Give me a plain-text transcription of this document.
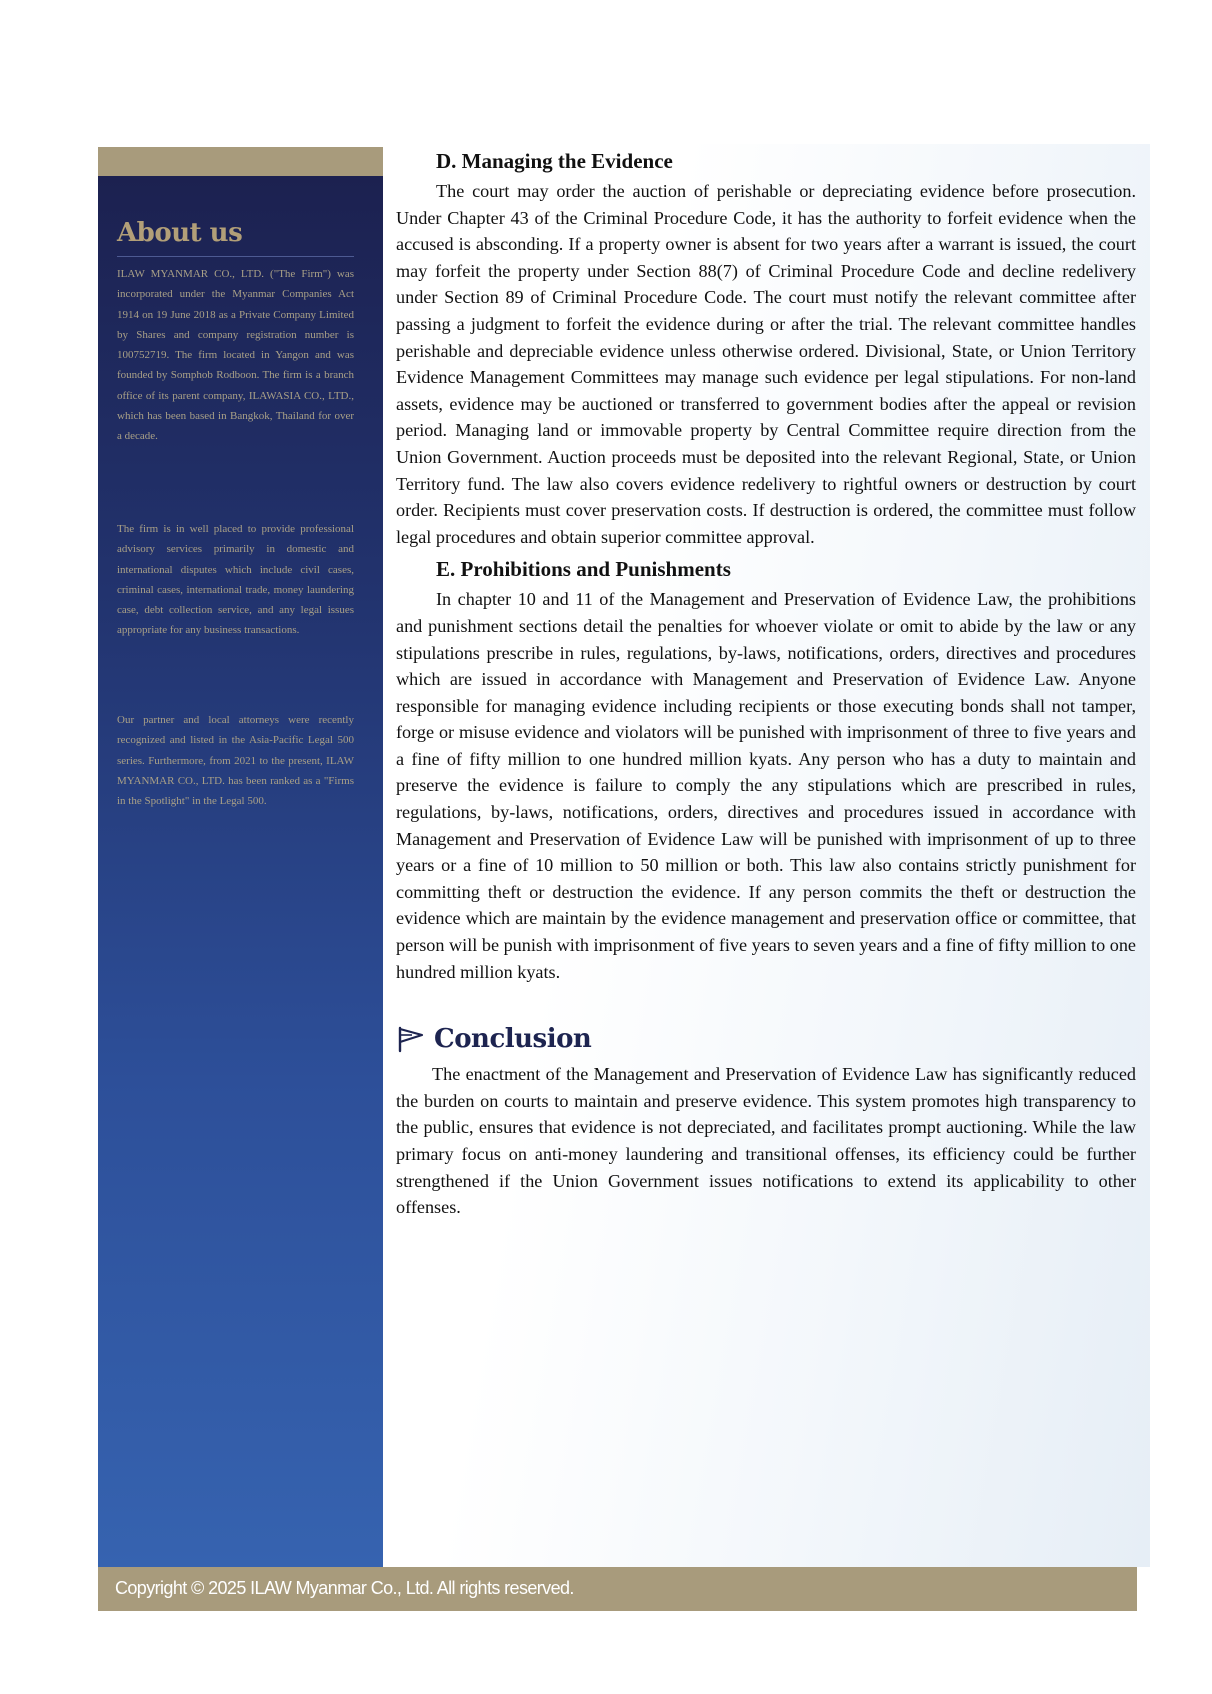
About us

ILAW MYANMAR CO., LTD. ("The Firm") was incorporated under the Myanmar Companies Act 1914 on 19 June 2018 as a Private Company Limited by Shares and company registration number is 100752719. The firm located in Yangon and was founded by Somphob Rodboon. The firm is a branch office of its parent company, ILAWASIA CO., LTD., which has been based in Bangkok, Thailand for over a decade.

The firm is in well placed to provide professional advisory services primarily in domestic and international disputes which include civil cases, criminal cases, international trade, money laundering case, debt collection service, and any legal issues appropriate for any business transactions.

Our partner and local attorneys were recently recognized and listed in the Asia-Pacific Legal 500 series. Furthermore, from 2021 to the present, ILAW MYANMAR CO., LTD. has been ranked as a "Firms in the Spotlight" in the Legal 500.

D. Managing the Evidence

The court may order the auction of perishable or depreciating evidence before prosecution. Under Chapter 43 of the Criminal Procedure Code, it has the authority to forfeit evidence when the accused is absconding. If a property owner is absent for two years after a warrant is issued, the court may forfeit the property under Section 88(7) of Criminal Procedure Code and decline redelivery under Section 89 of Criminal Procedure Code. The court must notify the relevant committee after passing a judgment to forfeit the evidence during or after the trial. The relevant committee handles perishable and depreciable evidence unless otherwise ordered. Divisional, State, or Union Territory Evidence Management Committees may manage such evidence per legal stipulations. For non-land assets, evidence may be auctioned or transferred to government bodies after the appeal or revision period. Managing land or immovable property by Central Committee require direction from the Union Government. Auction proceeds must be deposited into the relevant Regional, State, or Union Territory fund. The law also covers evidence redelivery to rightful owners or destruction by court order. Recipients must cover preservation costs. If destruction is ordered, the committee must follow legal procedures and obtain superior committee approval.

E. Prohibitions and Punishments

In chapter 10 and 11 of the Management and Preservation of Evidence Law, the prohibitions and punishment sections detail the penalties for whoever violate or omit to abide by the law or any stipulations prescribe in rules, regulations, by-laws, notifications, orders, directives and procedures which are issued in accordance with Management and Preservation of Evidence Law. Anyone responsible for managing evidence including recipients or those executing bonds shall not tamper, forge or misuse evidence and violators will be punished with imprisonment of three to five years and a fine of fifty million to one hundred million kyats. Any person who has a duty to maintain and preserve the evidence is failure to comply the any stipulations which are prescribed in rules, regulations, by-laws, notifications, orders, directives and procedures issued in accordance with Management and Preservation of Evidence Law will be punished with imprisonment of up to three years or a fine of 10 million to 50 million or both. This law also contains strictly punishment for committing theft or destruction the evidence. If any person commits the theft or destruction the evidence which are maintain by the evidence management and preservation office or committee, that person will be punish with imprisonment of five years to seven years and a fine of fifty million to one hundred million kyats.

Conclusion

The enactment of the Management and Preservation of Evidence Law has significantly reduced the burden on courts to maintain and preserve evidence. This system promotes high transparency to the public, ensures that evidence is not depreciated, and facilitates prompt auctioning. While the law primary focus on anti-money laundering and transitional offenses, its efficiency could be further strengthened if the Union Government issues notifications to extend its applicability to other offenses.

Copyright © 2025 ILAW Myanmar Co., Ltd. All rights reserved.
